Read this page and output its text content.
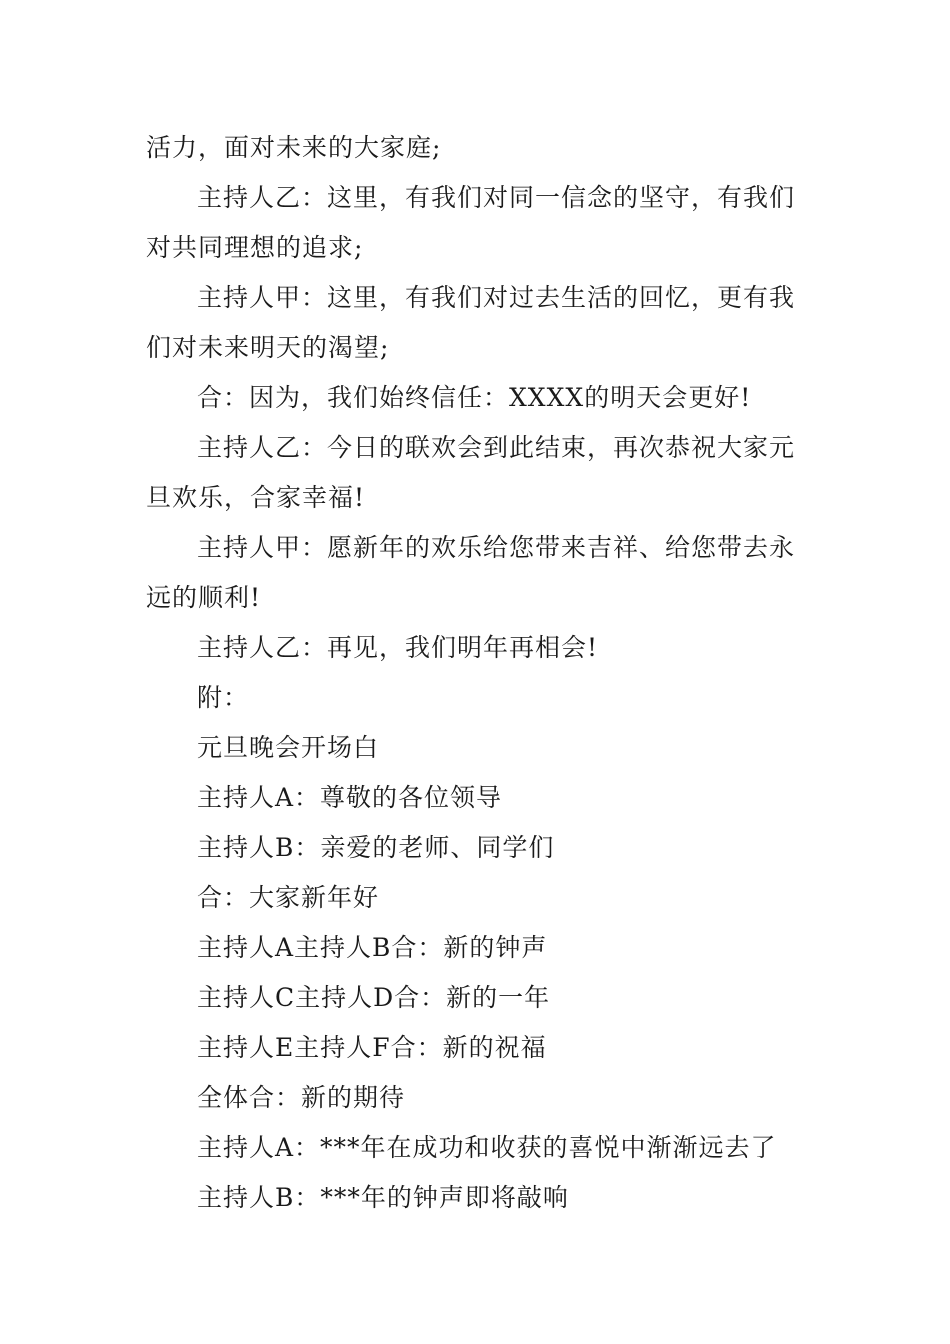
活力，面对未来的大家庭;

主持人乙：这里，有我们对同一信念的坚守，有我们对共同理想的追求;

主持人甲：这里，有我们对过去生活的回忆，更有我们对未来明天的渴望;

合：因为，我们始终信任：XXXX的明天会更好!

主持人乙：今日的联欢会到此结束，再次恭祝大家元旦欢乐，合家幸福!

主持人甲：愿新年的欢乐给您带来吉祥、给您带去永远的顺利!

主持人乙：再见，我们明年再相会!

附：

元旦晚会开场白

主持人A：尊敬的各位领导

主持人B：亲爱的老师、同学们

合：大家新年好

主持人A主持人B合：新的钟声

主持人C主持人D合：新的一年

主持人E主持人F合：新的祝福

全体合：新的期待

主持人A：***年在成功和收获的喜悦中渐渐远去了

主持人B：***年的钟声即将敲响
